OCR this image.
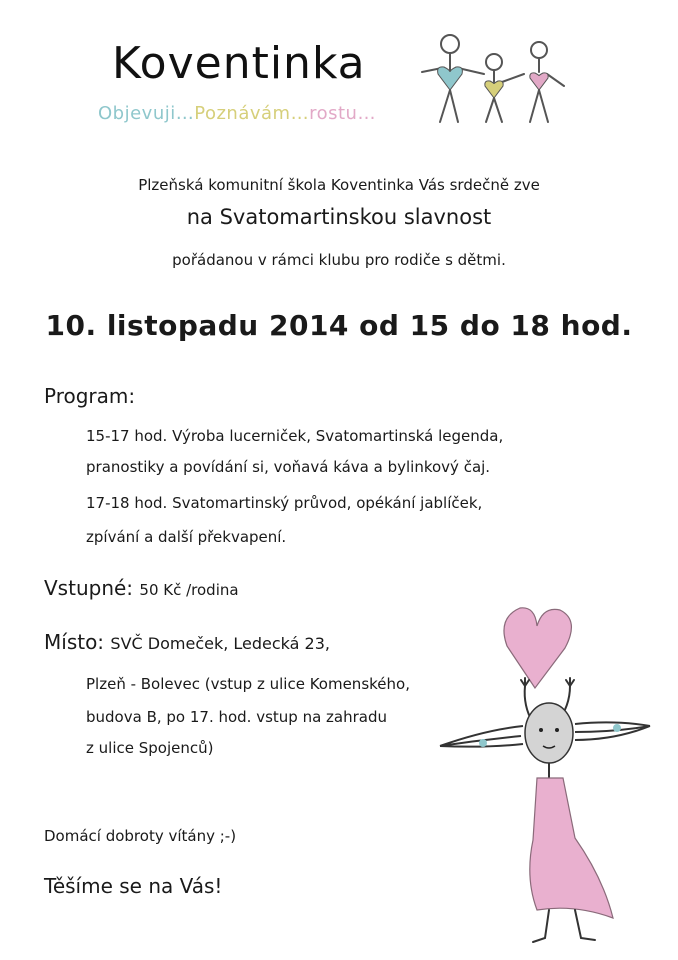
Koventinka
Objevuji…Poznávám…rostu…
Plzeňská komunitní škola Koventinka Vás srdečně zve
na Svatomartinskou slavnost
pořádanou v rámci klubu pro rodiče s dětmi.
10. listopadu 2014 od 15 do 18 hod.
Program:
15-17 hod. Výroba lucerniček, Svatomartinská legenda,
pranostiky a povídání si, voňavá káva a bylinkový čaj.
17-18 hod. Svatomartinský průvod, opékání jablíček,
zpívání a další překvapení.
Vstupné: 50 Kč /rodina
Místo: SVČ Domeček, Ledecká 23,
Plzeň - Bolevec (vstup z ulice Komenského,
budova B, po 17. hod. vstup na zahradu
z ulice Spojenců)
Domácí dobroty vítány ;-)
Těšíme se na Vás!
